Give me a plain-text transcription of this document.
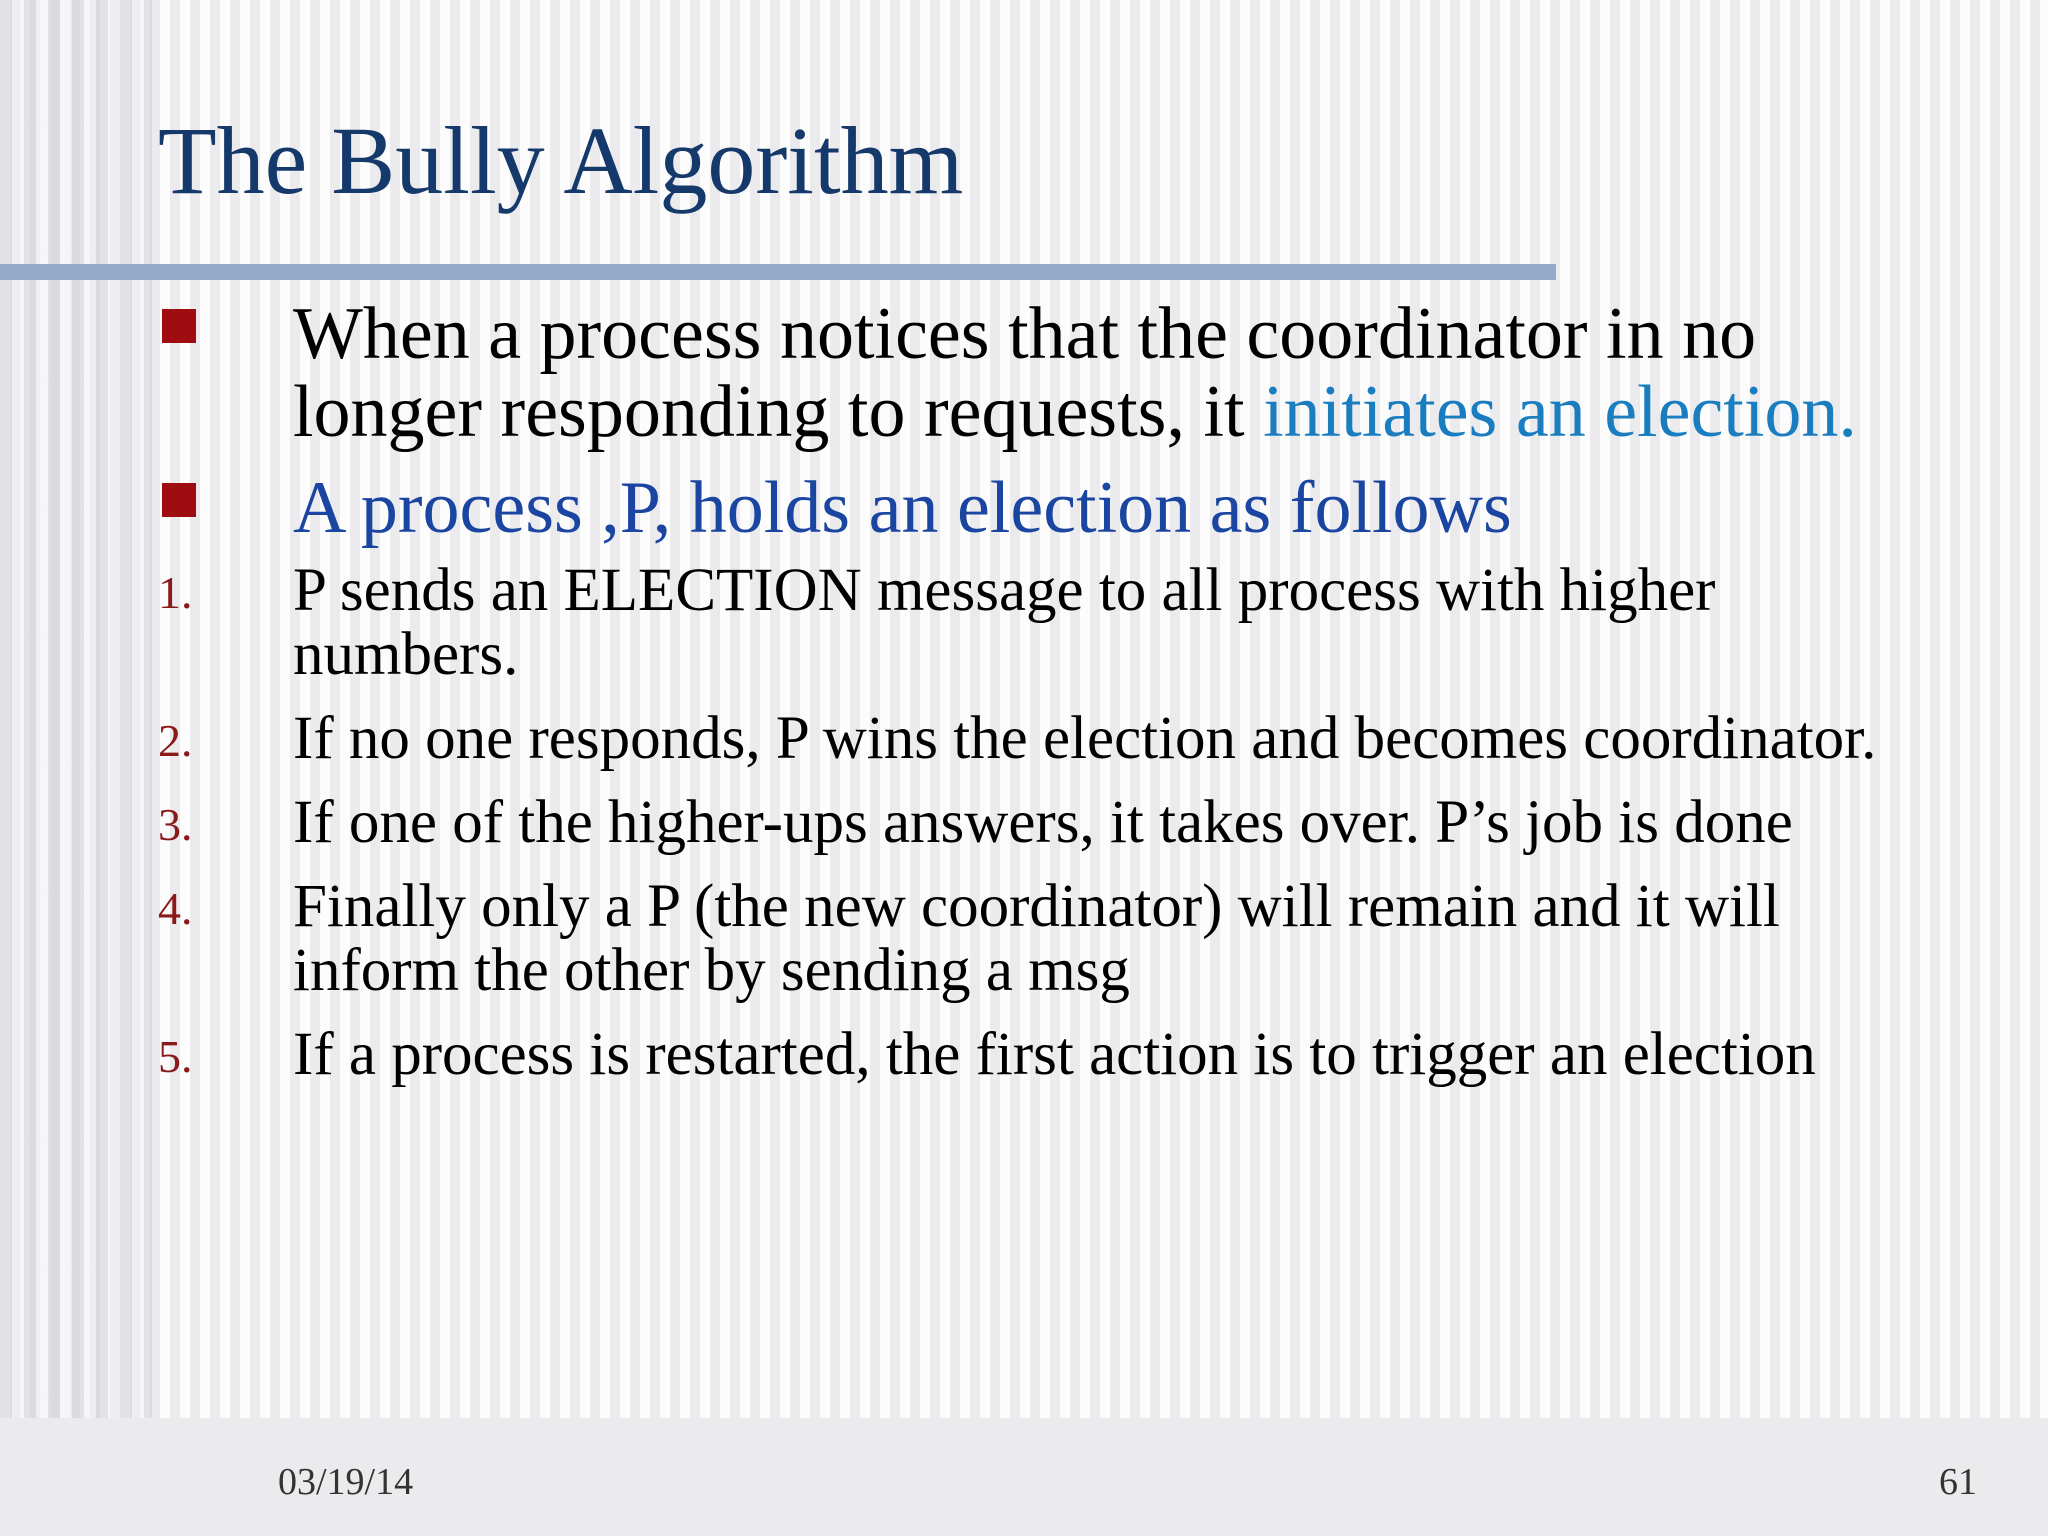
The Bully Algorithm
When a process notices that the coordinator in no longer responding to requests, it initiates an election.
A process ,P, holds an election as follows
1. P sends an ELECTION message to all process with higher numbers.
2. If no one responds, P wins the election and becomes coordinator.
3. If one of the higher-ups answers, it takes over. P’s job is done
4. Finally only a P (the new coordinator) will remain and it will inform the other by sending a msg
5. If a process is restarted, the first action is to trigger an election
03/19/14	61
